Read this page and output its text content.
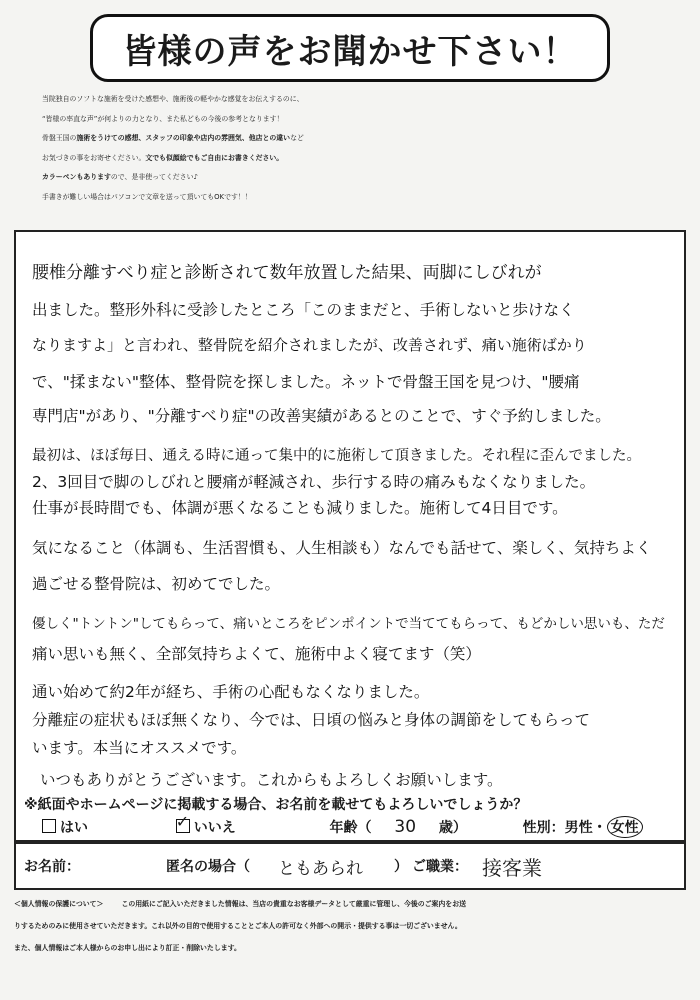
皆様の声をお聞かせ下さい！
当院独自のソフトな施術を受けた感想や、施術後の軽やかな感覚をお伝えするのに、
“皆様の率直な声”が何よりの力となり、また私どもの今後の参考となります！
骨盤王国の施術をうけての感想、スタッフの印象や店内の雰囲気、他店との違いなど
お気づきの事をお寄せください。文でも似顔絵でもご自由にお書きください。
カラーペンもありますので、是非使ってください♪
手書きが難しい場合はパソコンで文章を送って頂いてもOKです！！
腰椎分離すべり症と診断されて数年放置した結果、両脚にしびれが
出ました。整形外科に受診したところ「このままだと、手術しないと歩けなく
なりますよ」と言われ、整骨院を紹介されましたが、改善されず、痛い施術ばかり
で、"揉まない"整体、整骨院を探しました。ネットで骨盤王国を見つけ、"腰痛
専門店"があり、"分離すべり症"の改善実績があるとのことで、すぐ予約しました。
最初は、ほぼ毎日、通える時に通って集中的に施術して頂きました。それ程に歪んでました。
2、3回目で脚のしびれと腰痛が軽減され、歩行する時の痛みもなくなりました。
仕事が長時間でも、体調が悪くなることも減りました。施術して4日目です。
気になること（体調も、生活習慣も、人生相談も）なんでも話せて、楽しく、気持ちよく
過ごせる整骨院は、初めてでした。
優しく"トントン"してもらって、痛いところをピンポイントで当ててもらって、もどかしい思いも、ただ
痛い思いも無く、全部気持ちよくて、施術中よく寝てます（笑）
通い始めて約2年が経ち、手術の心配もなくなりました。
分離症の症状もほぼ無くなり、今では、日頃の悩みと身体の調節をしてもらって
います。本当にオススメです。
いつもありがとうございます。これからもよろしくお願いします。
※紙面やホームページに掲載する場合、お名前を載せてもよろしいでしょうか？
はい	✓ いいえ	年齢（ 30 歳）	性別：男性・ 女性
お名前：	匿名の場合（ ともあられ ） ご職業： 接客業
＜個人情報の保護について＞	この用紙にご記入いただきました情報は、当店の貴重なお客様データとして厳重に管理し、今後のご案内をお送
りするためのみに使用させていただきます。これ以外の目的で使用することとご本人の許可なく外部への開示・提供する事は一切ございません。
また、個人情報はご本人様からのお申し出により訂正・削除いたします。
